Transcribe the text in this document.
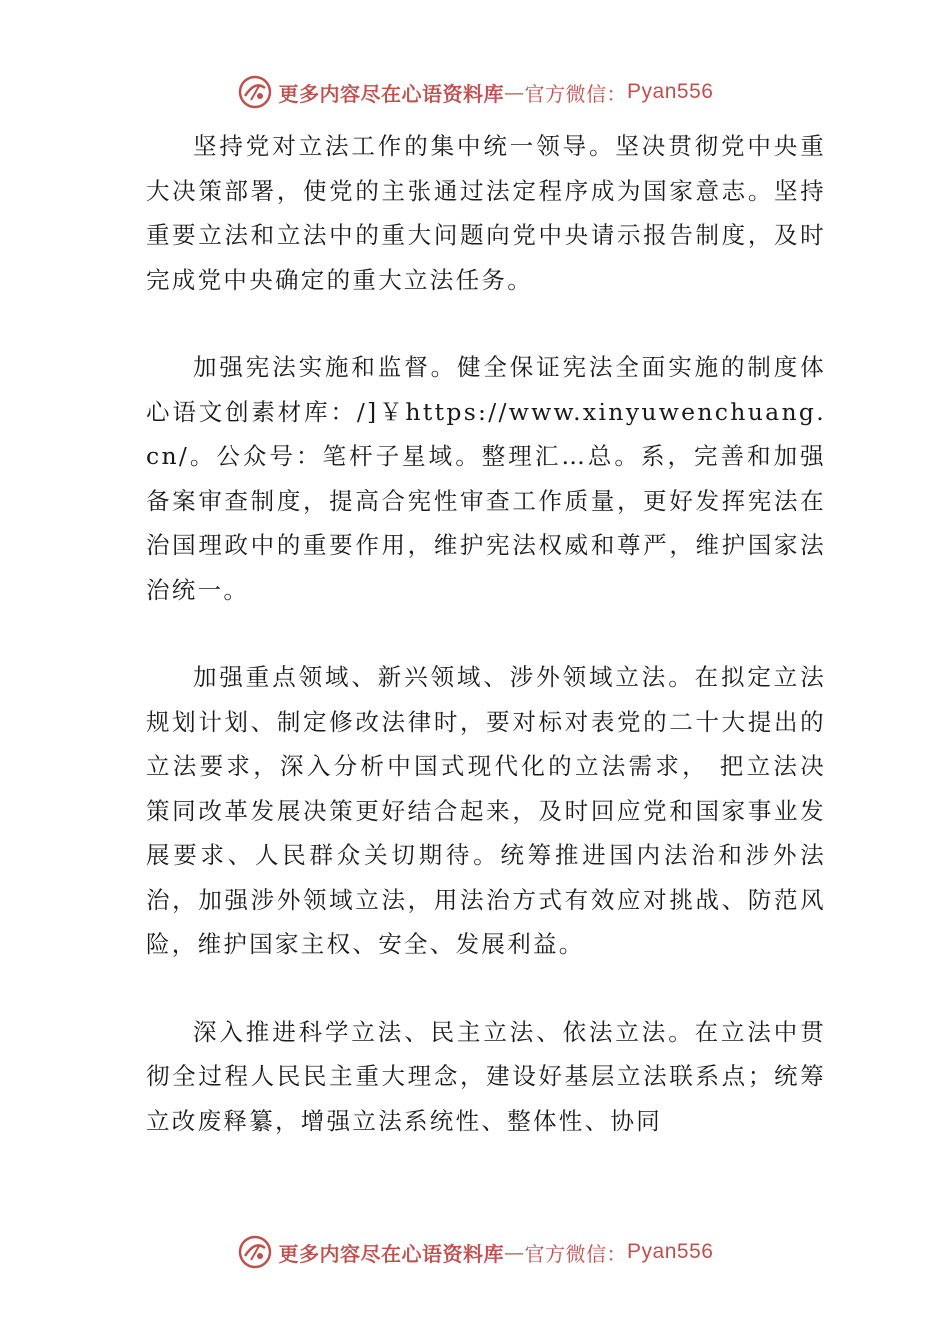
更多内容尽在心语资料库 — 官方微信： Pyan556

坚持党对立法工作的集中统一领导。坚决贯彻党中央重大决策部署，使党的主张通过法定程序成为国家意志。坚持重要立法和立法中的重大问题向党中央请示报告制度，及时完成党中央确定的重大立法任务。

加强宪法实施和监督。健全保证宪法全面实施的制度体心语文创素材库：/]￥https://www.xinyuwenchuang.cn/。公众号：笔杆子星域。整理汇…总。系，完善和加强备案审查制度，提高合宪性审查工作质量，更好发挥宪法在治国理政中的重要作用，维护宪法权威和尊严，维护国家法治统一。

加强重点领域、新兴领域、涉外领域立法。在拟定立法规划计划、制定修改法律时，要对标对表党的二十大提出的立法要求，深入分析中国式现代化的立法需求， 把立法决策同改革发展决策更好结合起来，及时回应党和国家事业发展要求、人民群众关切期待。统筹推进国内法治和涉外法治，加强涉外领域立法，用法治方式有效应对挑战、防范风险，维护国家主权、安全、发展利益。

深入推进科学立法、民主立法、依法立法。在立法中贯彻全过程人民民主重大理念，建设好基层立法联系点；统筹立改废释纂，增强立法系统性、整体性、协同

更多内容尽在心语资料库 — 官方微信： Pyan556
